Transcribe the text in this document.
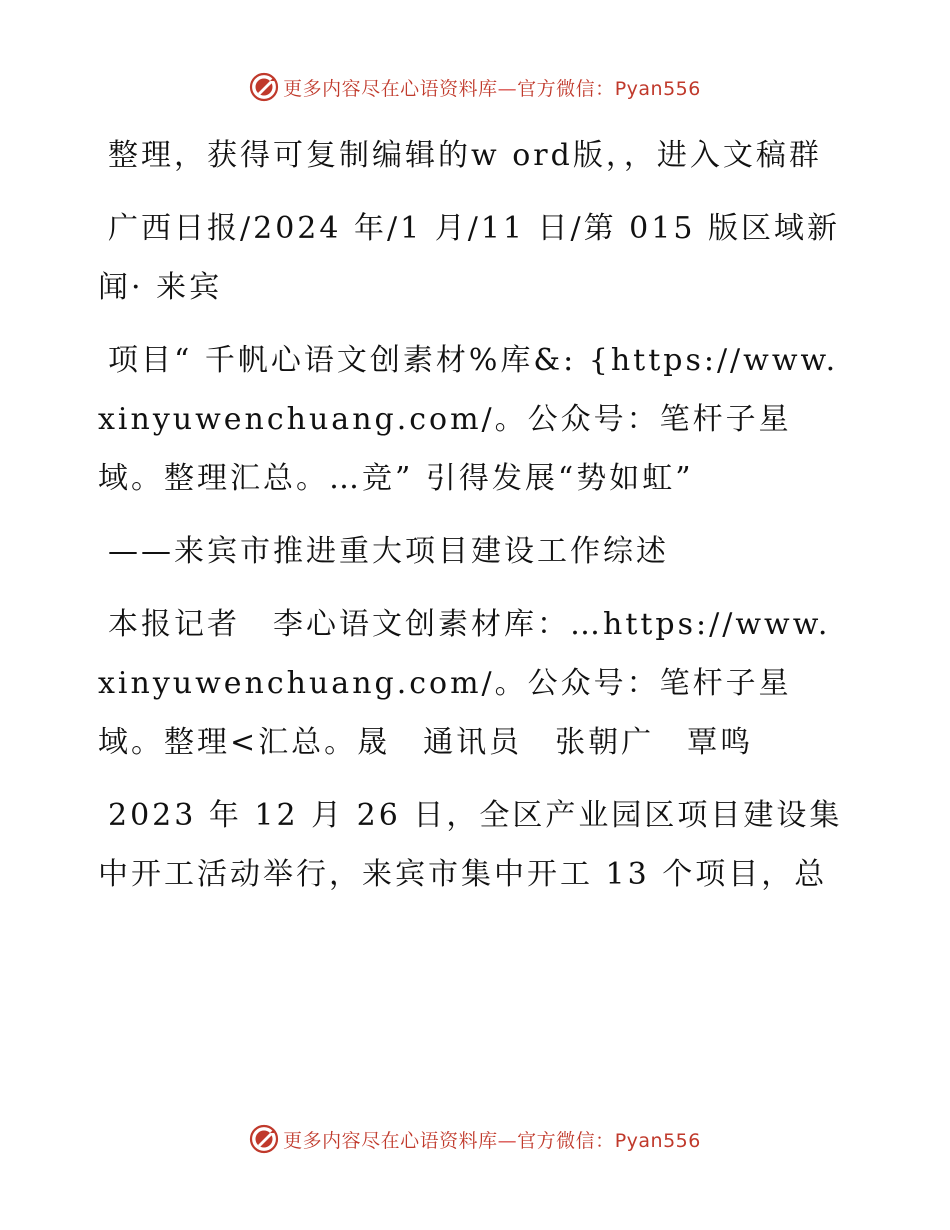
更多内容尽在心语资料库—官方微信：Pyan556

整理，获得可复制编辑的w ord版，，进入文稿群

广西日报/2024 年/1 月/11 日/第 015 版区域新闻· 来宾

项目“ 千帆心语文创素材%库&: {https://www.xinyuwenchuang.com/。公众号：笔杆子星域。整理汇总。…竞” 引得发展“势如虹”

——来宾市推进重大项目建设工作综述

本报记者　李心语文创素材库：…https://www.xinyuwenchuang.com/。公众号：笔杆子星域。整理<汇总。晟　通讯员　张朝广　覃鸣

2023 年 12 月 26 日，全区产业园区项目建设集中开工活动举行，来宾市集中开工 13 个项目，总

更多内容尽在心语资料库—官方微信：Pyan556
